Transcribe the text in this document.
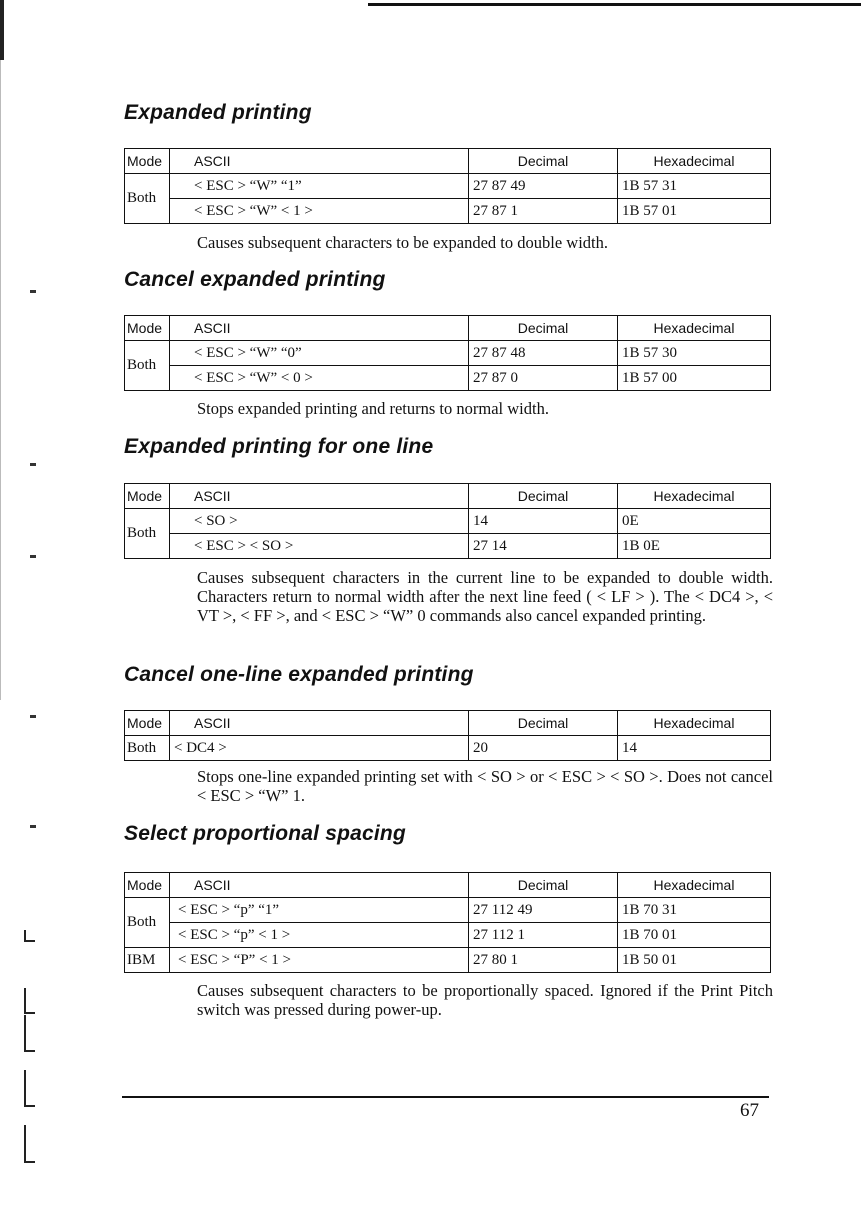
Expanded printing
Mode	ASCII	Decimal	Hexadecimal
Both	< ESC > “W” “1”	27 87 49	1B 57 31
	< ESC > “W” < 1 >	27 87 1	1B 57 01

Causes subsequent characters to be expanded to double width.

Cancel expanded printing
Mode	ASCII	Decimal	Hexadecimal
Both	< ESC > “W” “0”	27 87 48	1B 57 30
	< ESC > “W” < 0 >	27 87 0	1B 57 00

Stops expanded printing and returns to normal width.

Expanded printing for one line
Mode	ASCII	Decimal	Hexadecimal
Both	< SO >	14	0E
	< ESC > < SO >	27 14	1B 0E

Causes subsequent characters in the current line to be expanded to double width. Characters return to normal width after the next line feed ( < LF > ). The < DC4 >, < VT >, < FF >, and < ESC > “W” 0 commands also cancel expanded printing.

Cancel one-line expanded printing
Mode	ASCII	Decimal	Hexadecimal
Both	< DC4 >	20	14

Stops one-line expanded printing set with < SO > or < ESC > < SO >. Does not cancel < ESC > “W” 1.

Select proportional spacing
Mode	ASCII	Decimal	Hexadecimal
Both	< ESC > “p” “1”	27 112 49	1B 70 31
	< ESC > “p” < 1 >	27 112 1	1B 70 01
IBM	< ESC > “P” < 1 >	27 80 1	1B 50 01

Causes subsequent characters to be proportionally spaced. Ignored if the Print Pitch switch was pressed during power-up.

67
